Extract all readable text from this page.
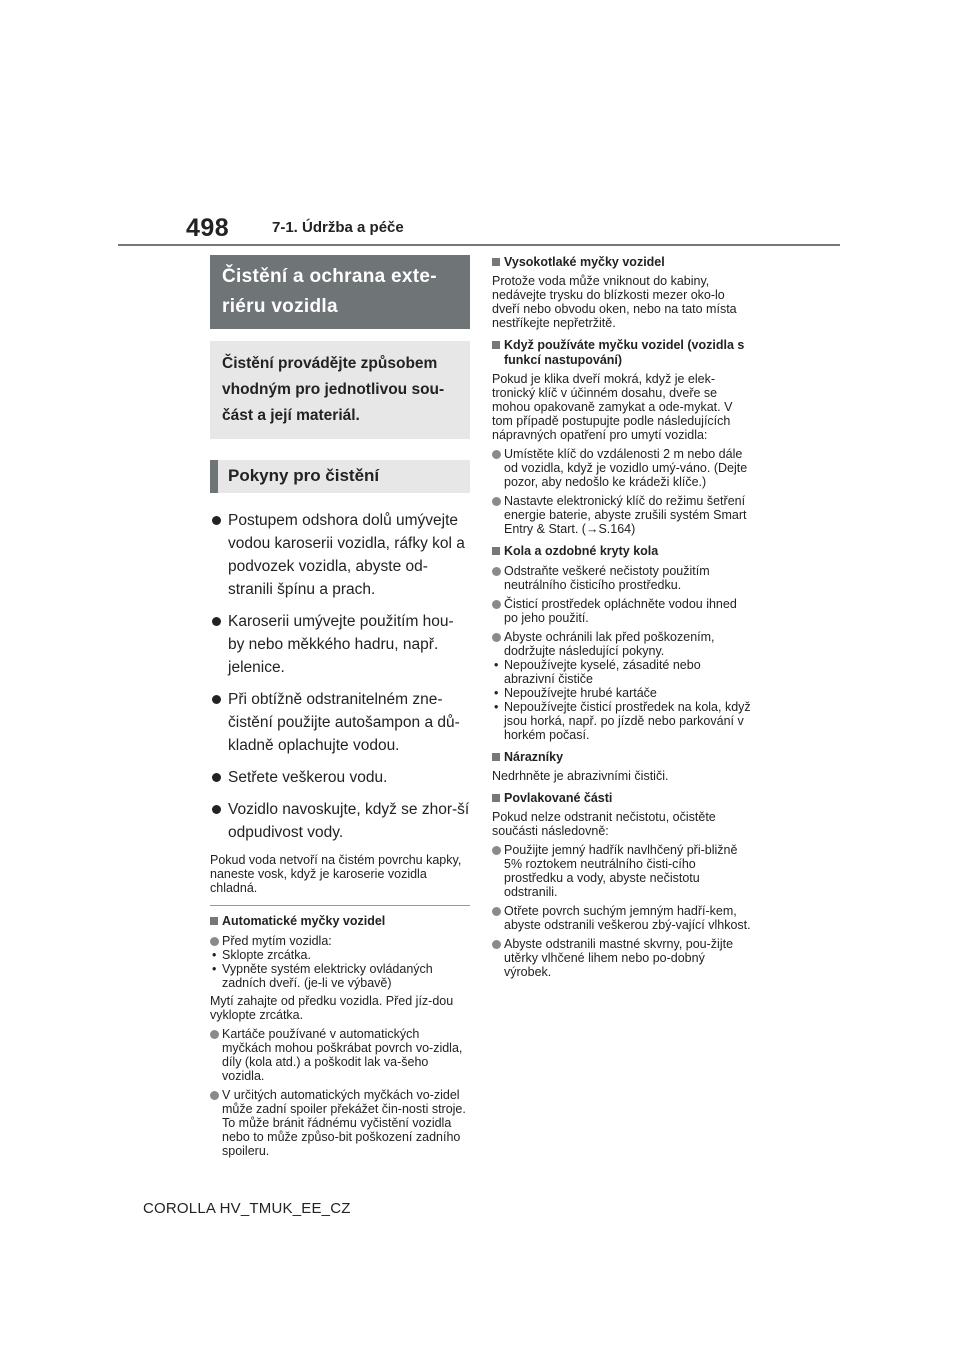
498	7-1. Údržba a péče
Čistění a ochrana exte-riéru vozidla
Čistění provádějte způsobem vhodným pro jednotlivou sou-část a její materiál.
Pokyny pro čistění
Postupem odshora dolů umývejte vodou karoserii vozidla, ráfky kol a podvozek vozidla, abyste od-stranili špínu a prach.
Karoserii umývejte použitím hou-by nebo měkkého hadru, např. jelenice.
Při obtížně odstranitelném zne-čistění použijte autošampon a dů-kladně oplachujte vodou.
Setřete veškerou vodu.
Vozidlo navoskujte, když se zhor-ší odpudivost vody.
Pokud voda netvoří na čistém povrchu kapky, naneste vosk, když je karoserie vozidla chladná.
Automatické myčky vozidel
Před mytím vozidla:
• Sklopte zrcátka.
• Vypněte systém elektricky ovládaných zadních dveří. (je-li ve výbavě)
Mytí zahajte od předku vozidla. Před jíz-dou vyklopte zrcátka.
Kartáče používané v automatických myčkách mohou poškrábat povrch vo-zidla, díly (kola atd.) a poškodit lak va-šeho vozidla.
V určitých automatických myčkách vo-zidel může zadní spoiler překážet čin-nosti stroje. To může bránit řádnému vyčistění vozidla nebo to může způso-bit poškození zadního spoileru.
Vysokotlaké myčky vozidel
Protože voda může vniknout do kabiny, nedávejte trysku do blízkosti mezer oko-lo dveří nebo obvodu oken, nebo na tato místa nestříkejte nepřetržitě.
Když používáte myčku vozidel (vozidla s funkcí nastupování)
Pokud je klika dveří mokrá, když je elek-tronický klíč v účinném dosahu, dveře se mohou opakovaně zamykat a ode-mykat. V tom případě postupujte podle následujících nápravných opatření pro umytí vozidla:
Umístěte klíč do vzdálenosti 2 m nebo dále od vozidla, když je vozidlo umý-váno. (Dejte pozor, aby nedošlo ke krádeži klíče.)
Nastavte elektronický klíč do režimu šetření energie baterie, abyste zrušili systém Smart Entry & Start. (→S.164)
Kola a ozdobné kryty kola
Odstraňte veškeré nečistoty použitím neutrálního čisticího prostředku.
Čisticí prostředek opláchněte vodou ihned po jeho použití.
Abyste ochránili lak před poškozením, dodržujte následující pokyny.
• Nepoužívejte kyselé, zásadité nebo abrazivní čističe
• Nepoužívejte hrubé kartáče
• Nepoužívejte čisticí prostředek na kola, když jsou horká, např. po jízdě nebo parkování v horkém počasí.
Nárazníky
Nedrhněte je abrazivními čističi.
Povlakované části
Pokud nelze odstranit nečistotu, očistěte součásti následovně:
Použijte jemný hadřík navlhčený při-bližně 5% roztokem neutrálního čisti-cího prostředku a vody, abyste nečistotu odstranili.
Otřete povrch suchým jemným hadří-kem, abyste odstranili veškerou zbý-vající vlhkost.
Abyste odstranili mastné skvrny, pou-žijte utěrky vlhčené lihem nebo po-dobný výrobek.
COROLLA HV_TMUK_EE_CZ
